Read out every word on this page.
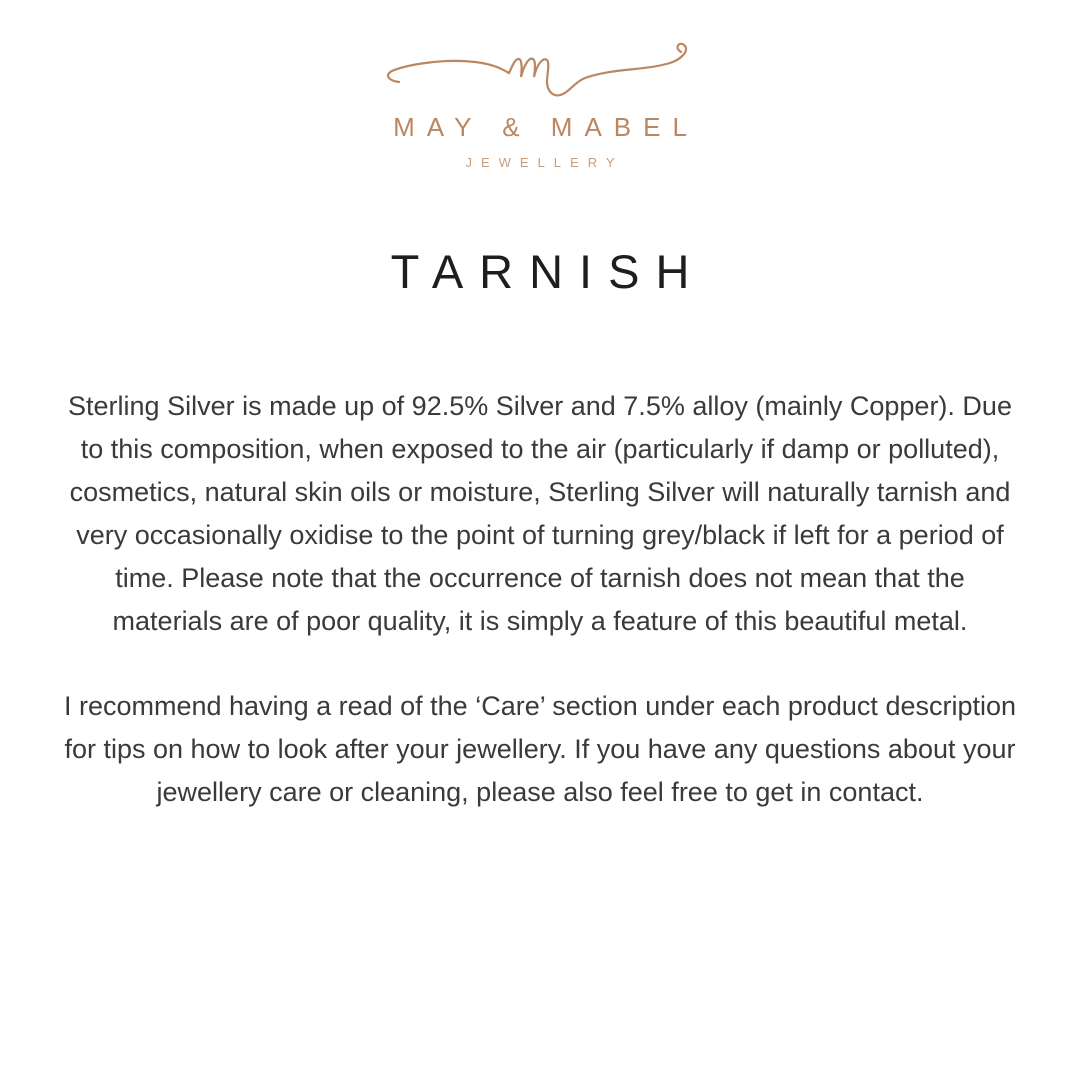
MAY & MABEL
JEWELLERY
TARNISH

Sterling Silver is made up of 92.5% Silver and 7.5% alloy (mainly Copper). Due to this composition, when exposed to the air (particularly if damp or polluted), cosmetics, natural skin oils or moisture, Sterling Silver will naturally tarnish and very occasionally oxidise to the point of turning grey/black if left for a period of time. Please note that the occurrence of tarnish does not mean that the materials are of poor quality, it is simply a feature of this beautiful metal.

I recommend having a read of the ‘Care’ section under each product description for tips on how to look after your jewellery. If you have any questions about your jewellery care or cleaning, please also feel free to get in contact.
